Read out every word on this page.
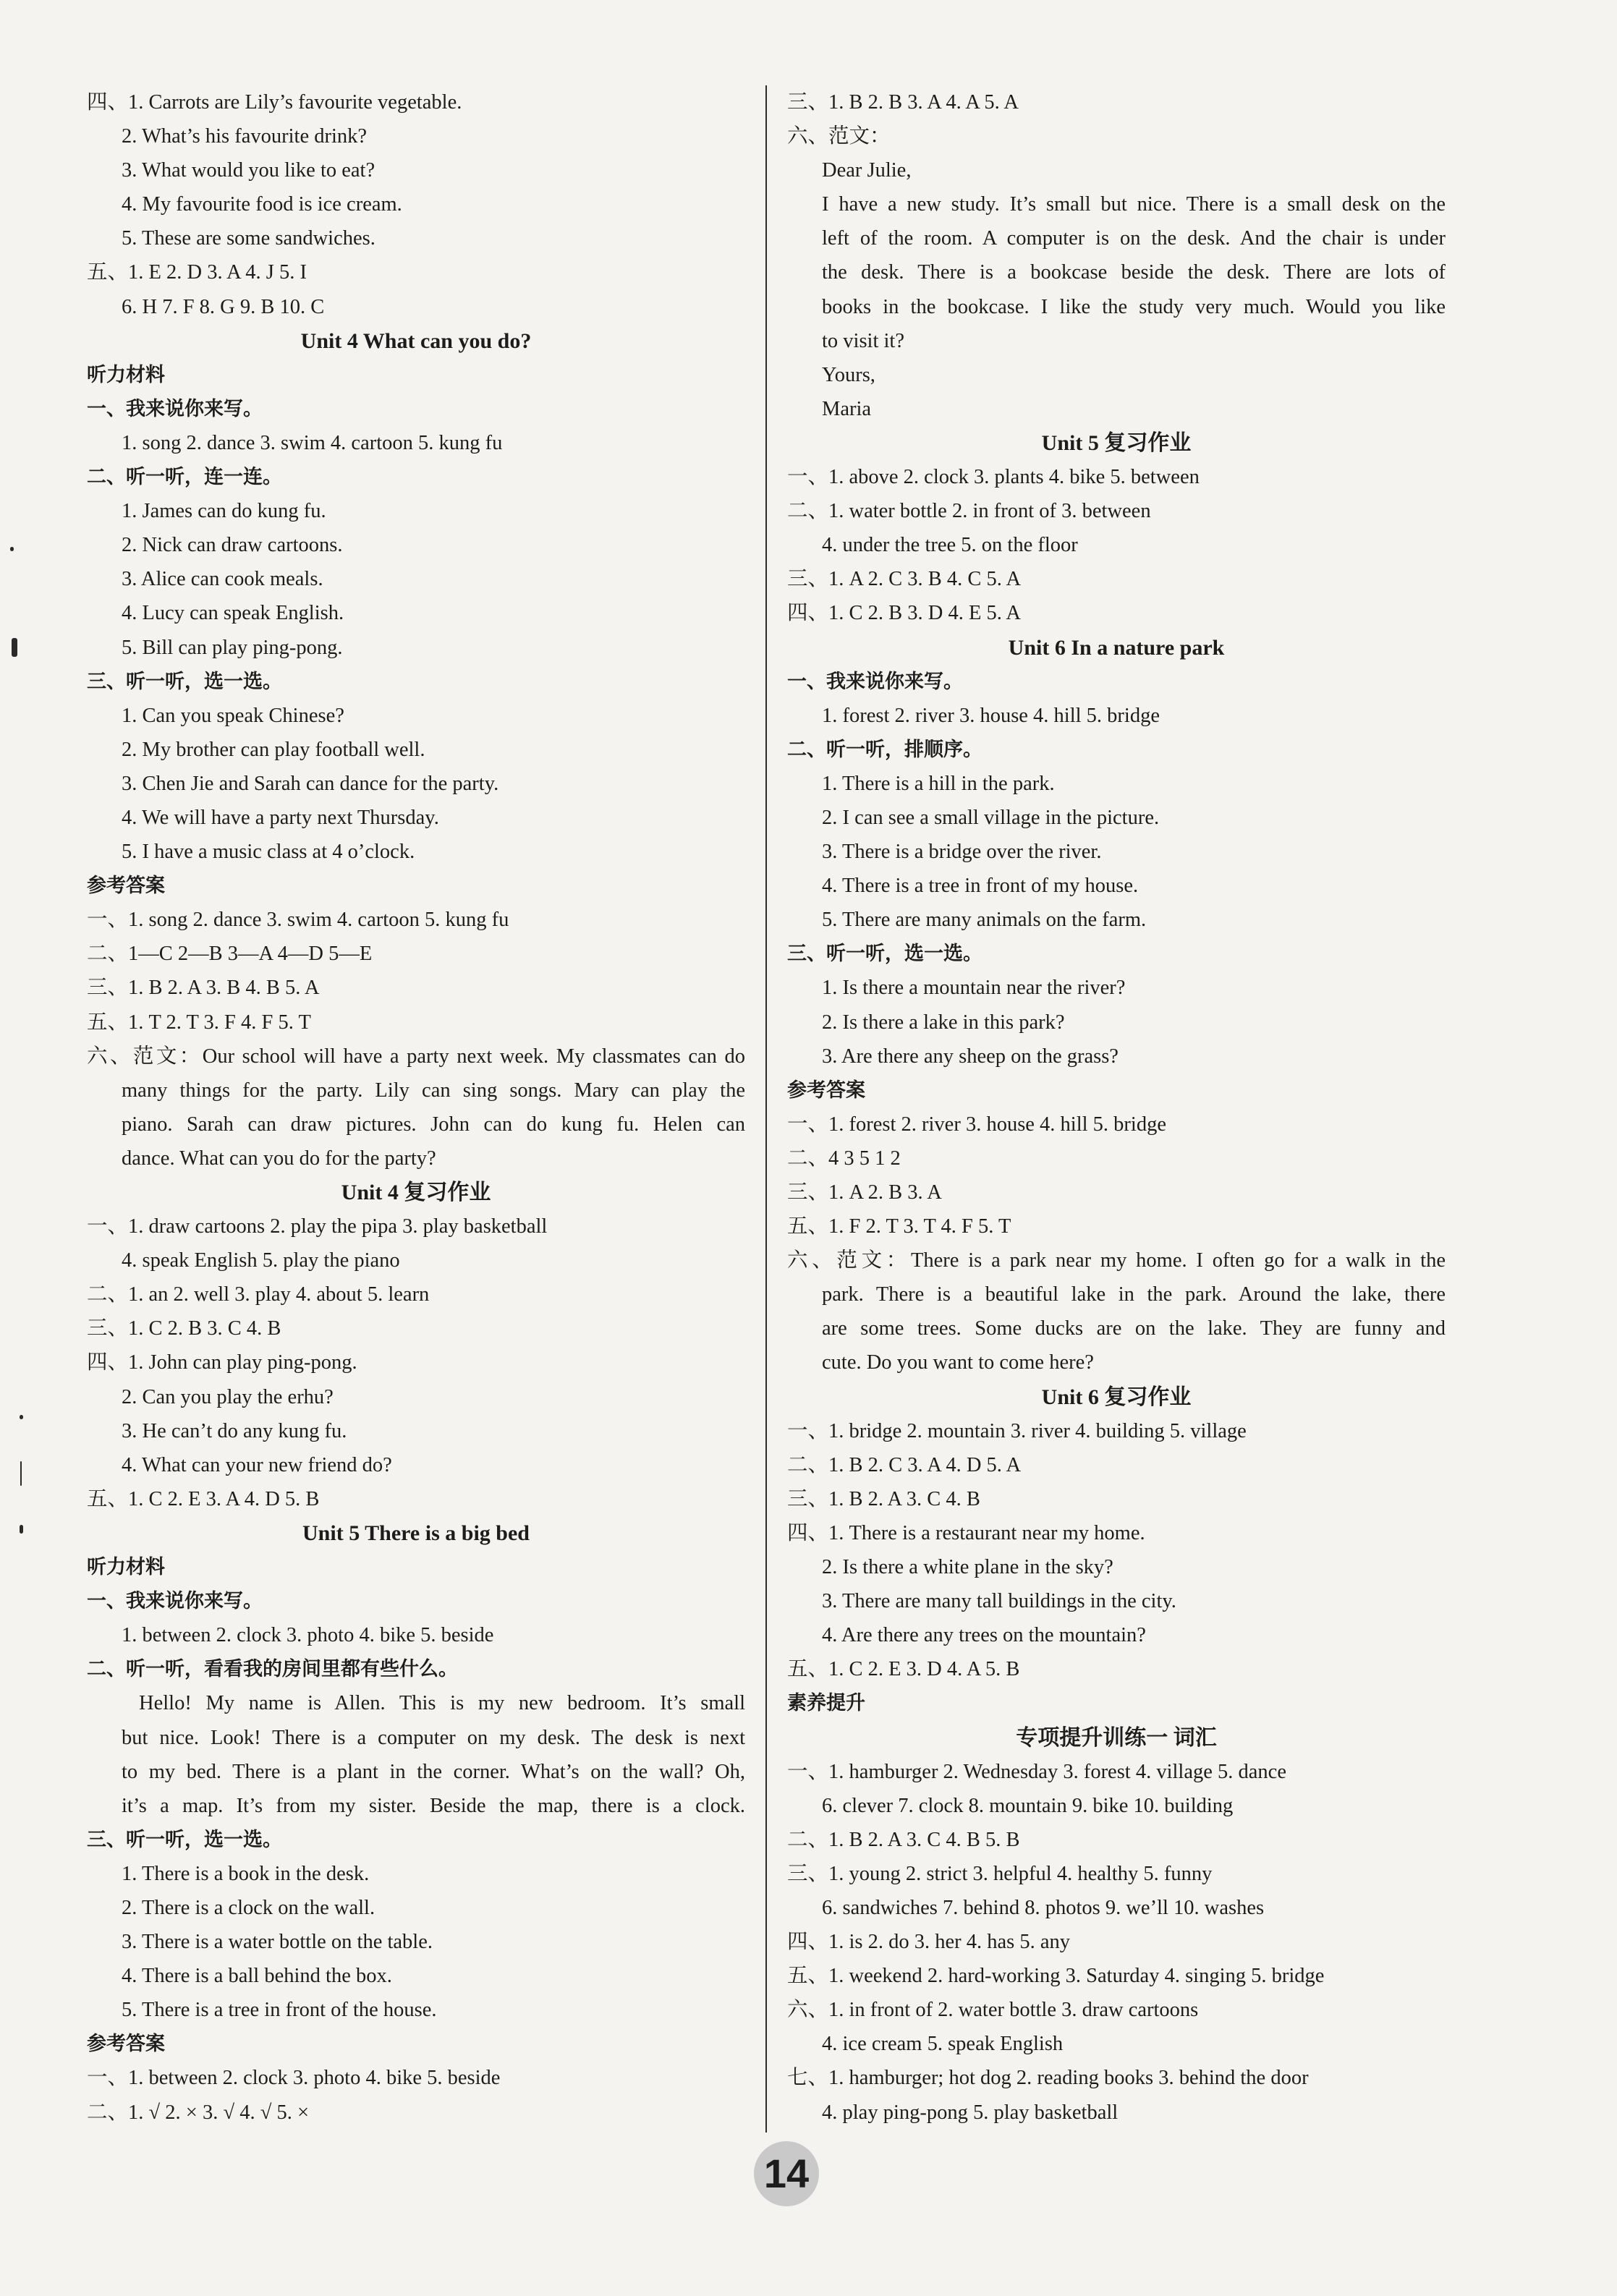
四、1. Carrots are Lily’s favourite vegetable.
2. What’s his favourite drink?
3. What would you like to eat?
4. My favourite food is ice cream.
5. These are some sandwiches.
五、1. E 2. D 3. A 4. J 5. I
6. H 7. F 8. G 9. B 10. C
Unit 4 What can you do?
听力材料
一、我来说你来写。
1. song 2. dance 3. swim 4. cartoon 5. kung fu
二、听一听，连一连。
1. James can do kung fu.
2. Nick can draw cartoons.
3. Alice can cook meals.
4. Lucy can speak English.
5. Bill can play ping-pong.
三、听一听，选一选。
1. Can you speak Chinese?
2. My brother can play football well.
3. Chen Jie and Sarah can dance for the party.
4. We will have a party next Thursday.
5. I have a music class at 4 o’clock.
参考答案
一、1. song 2. dance 3. swim 4. cartoon 5. kung fu
二、1—C 2—B 3—A 4—D 5—E
三、1. B 2. A 3. B 4. B 5. A
五、1. T 2. T 3. F 4. F 5. T
六、范文：Our school will have a party next week. My classmates can do
many things for the party. Lily can sing songs. Mary can play the
piano. Sarah can draw pictures. John can do kung fu. Helen can
dance. What can you do for the party?
Unit 4 复习作业
一、1. draw cartoons 2. play the pipa 3. play basketball
4. speak English 5. play the piano
二、1. an 2. well 3. play 4. about 5. learn
三、1. C 2. B 3. C 4. B
四、1. John can play ping-pong.
2. Can you play the erhu?
3. He can’t do any kung fu.
4. What can your new friend do?
五、1. C 2. E 3. A 4. D 5. B
Unit 5 There is a big bed
听力材料
一、我来说你来写。
1. between 2. clock 3. photo 4. bike 5. beside
二、听一听，看看我的房间里都有些什么。
Hello! My name is Allen. This is my new bedroom. It’s small
but nice. Look! There is a computer on my desk. The desk is next
to my bed. There is a plant in the corner. What’s on the wall? Oh,
it’s a map. It’s from my sister. Beside the map, there is a clock.
三、听一听，选一选。
1. There is a book in the desk.
2. There is a clock on the wall.
3. There is a water bottle on the table.
4. There is a ball behind the box.
5. There is a tree in front of the house.
参考答案
一、1. between 2. clock 3. photo 4. bike 5. beside
二、1. √ 2. × 3. √ 4. √ 5. ×
三、1. B 2. B 3. A 4. A 5. A
六、范文：
Dear Julie,
I have a new study. It’s small but nice. There is a small desk on the
left of the room. A computer is on the desk. And the chair is under
the desk. There is a bookcase beside the desk. There are lots of
books in the bookcase. I like the study very much. Would you like
to visit it?
Yours,
Maria
Unit 5 复习作业
一、1. above 2. clock 3. plants 4. bike 5. between
二、1. water bottle 2. in front of 3. between
4. under the tree 5. on the floor
三、1. A 2. C 3. B 4. C 5. A
四、1. C 2. B 3. D 4. E 5. A
Unit 6 In a nature park
一、我来说你来写。
1. forest 2. river 3. house 4. hill 5. bridge
二、听一听，排顺序。
1. There is a hill in the park.
2. I can see a small village in the picture.
3. There is a bridge over the river.
4. There is a tree in front of my house.
5. There are many animals on the farm.
三、听一听，选一选。
1. Is there a mountain near the river?
2. Is there a lake in this park?
3. Are there any sheep on the grass?
参考答案
一、1. forest 2. river 3. house 4. hill 5. bridge
二、4 3 5 1 2
三、1. A 2. B 3. A
五、1. F 2. T 3. T 4. F 5. T
六、范文：There is a park near my home. I often go for a walk in the
park. There is a beautiful lake in the park. Around the lake, there
are some trees. Some ducks are on the lake. They are funny and
cute. Do you want to come here?
Unit 6 复习作业
一、1. bridge 2. mountain 3. river 4. building 5. village
二、1. B 2. C 3. A 4. D 5. A
三、1. B 2. A 3. C 4. B
四、1. There is a restaurant near my home.
2. Is there a white plane in the sky?
3. There are many tall buildings in the city.
4. Are there any trees on the mountain?
五、1. C 2. E 3. D 4. A 5. B
素养提升
专项提升训练一 词汇
一、1. hamburger 2. Wednesday 3. forest 4. village 5. dance
6. clever 7. clock 8. mountain 9. bike 10. building
二、1. B 2. A 3. C 4. B 5. B
三、1. young 2. strict 3. helpful 4. healthy 5. funny
6. sandwiches 7. behind 8. photos 9. we’ll 10. washes
四、1. is 2. do 3. her 4. has 5. any
五、1. weekend 2. hard-working 3. Saturday 4. singing 5. bridge
六、1. in front of 2. water bottle 3. draw cartoons
4. ice cream 5. speak English
七、1. hamburger; hot dog 2. reading books 3. behind the door
4. play ping-pong 5. play basketball
14
